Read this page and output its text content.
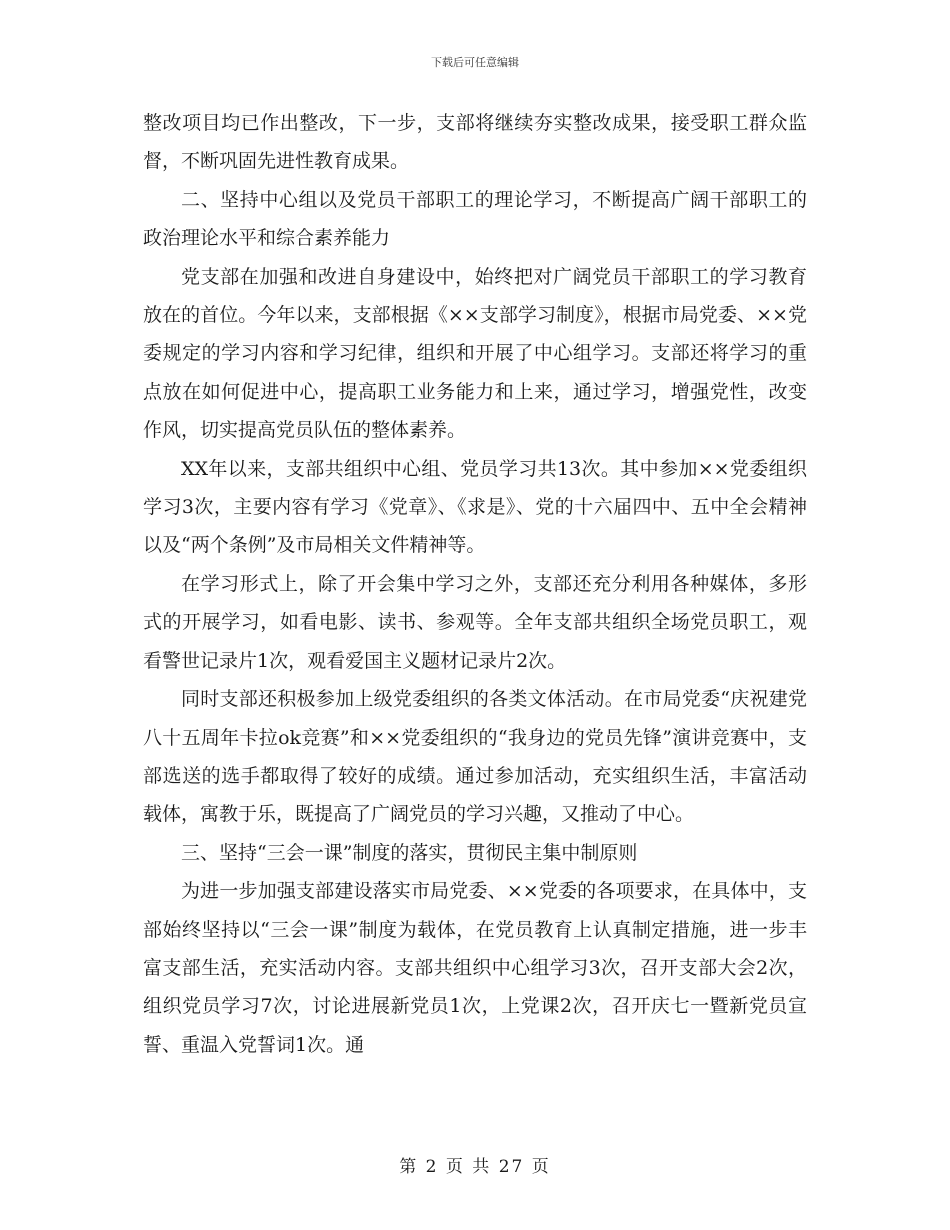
下载后可任意编辑

整改项目均已作出整改，下一步，支部将继续夯实整改成果，接受职工群众监督，不断巩固先进性教育成果。

二、坚持中心组以及党员干部职工的理论学习，不断提高广阔干部职工的政治理论水平和综合素养能力

党支部在加强和改进自身建设中，始终把对广阔党员干部职工的学习教育放在的首位。今年以来，支部根据《××支部学习制度》，根据市局党委、××党委规定的学习内容和学习纪律，组织和开展了中心组学习。支部还将学习的重点放在如何促进中心，提高职工业务能力和上来，通过学习，增强党性，改变作风，切实提高党员队伍的整体素养。

XX年以来，支部共组织中心组、党员学习共13次。其中参加××党委组织学习3次，主要内容有学习《党章》、《求是》、党的十六届四中、五中全会精神以及“两个条例”及市局相关文件精神等。

在学习形式上，除了开会集中学习之外，支部还充分利用各种媒体，多形式的开展学习，如看电影、读书、参观等。全年支部共组织全场党员职工，观看警世记录片1次，观看爱国主义题材记录片2次。

同时支部还积极参加上级党委组织的各类文体活动。在市局党委“庆祝建党八十五周年卡拉ok竞赛”和××党委组织的“我身边的党员先锋”演讲竞赛中，支部选送的选手都取得了较好的成绩。通过参加活动，充实组织生活，丰富活动载体，寓教于乐，既提高了广阔党员的学习兴趣，又推动了中心。

三、坚持“三会一课”制度的落实，贯彻民主集中制原则

为进一步加强支部建设落实市局党委、××党委的各项要求，在具体中，支部始终坚持以“三会一课”制度为载体，在党员教育上认真制定措施，进一步丰富支部生活，充实活动内容。支部共组织中心组学习3次，召开支部大会2次，组织党员学习7次，讨论进展新党员1次，上党课2次，召开庆七一暨新党员宣誓、重温入党誓词1次。通

第 2 页 共 27 页
